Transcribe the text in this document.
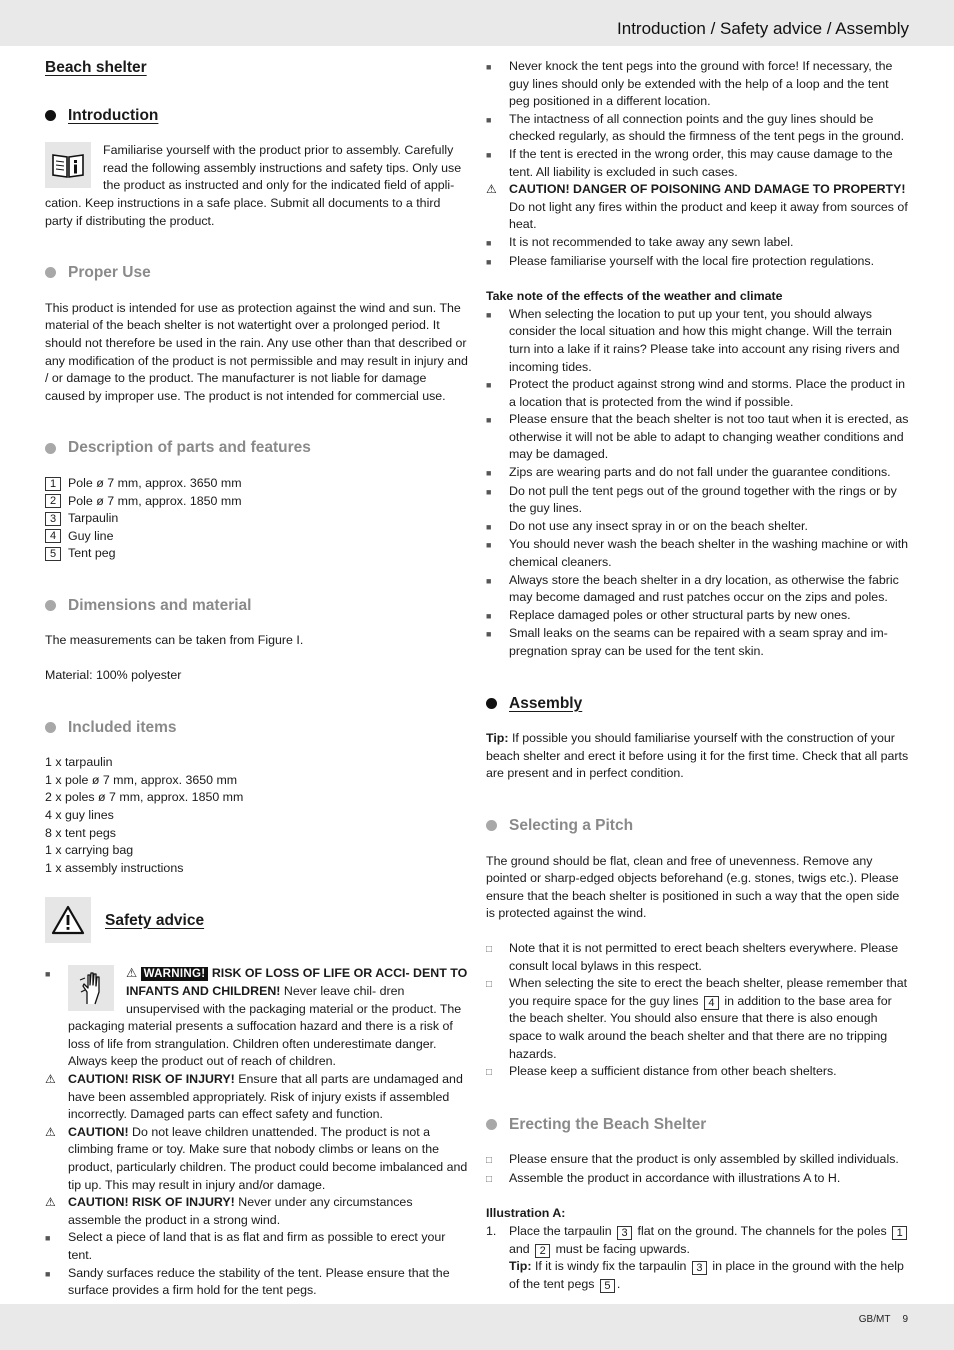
Introduction / Safety advice / Assembly
Beach shelter
Introduction

Familiarise yourself with the product prior to assembly. Carefully read the following assembly instructions and safety tips. Only use the product as instructed and only for the indicated field of appli- cation. Keep instructions in a safe place. Submit all documents to a third party if distributing the product.

Proper Use

This product is intended for use as protection against the wind and sun. The material of the beach shelter is not watertight over a prolonged period. It should not therefore be used in the rain. Any use other than that described or any modification of the product is not permissible and may result in injury and / or damage to the product. The manufacturer is not liable for damage caused by improper use. The product is not intended for commercial use.

Description of parts and features
1 Pole ø 7 mm, approx. 3650 mm
2 Pole ø 7 mm, approx. 1850 mm
3 Tarpaulin
4 Guy line
5 Tent peg
Dimensions and material

The measurements can be taken from Figure I.

Material: 100% polyester

Included items

1 x tarpaulin

1 x pole ø 7 mm, approx. 3650 mm

2 x poles ø 7 mm, approx. 1850 mm

4 x guy lines

8 x tent pegs

1 x carrying bag

1 x assembly instructions

Safety advice
■	⚠ WARNING! RISK OF LOSS OF LIFE OR ACCI- DENT TO INFANTS AND CHILDREN! Never leave chil- dren unsupervised with the packaging material or the product. The packaging material presents a suffocation hazard and there is a risk of loss of life from strangulation. Children often underestimate danger. Always keep the product out of reach of children.
⚠ CAUTION! RISK OF INJURY! Ensure that all parts are undamaged and have been assembled appropriately. Risk of injury exists if assembled incorrectly. Damaged parts can effect safety and function.
⚠ CAUTION! Do not leave children unattended. The product is not a climbing frame or toy. Make sure that nobody climbs or leans on the product, particularly children. The product could become imbalanced and tip up. This may result in injury and/or damage.
⚠ CAUTION! RISK OF INJURY! Never under any circumstances assemble the product in a strong wind.
■	Select a piece of land that is as flat and firm as possible to erect your tent.
■	Sandy surfaces reduce the stability of the tent. Please ensure that the surface provides a firm hold for the tent pegs.
■	Never knock the tent pegs into the ground with force! If necessary, the guy lines should only be extended with the help of a loop and the tent peg positioned in a different location.
■	The intactness of all connection points and the guy lines should be checked regularly, as should the firmness of the tent pegs in the ground.
■	If the tent is erected in the wrong order, this may cause damage to the tent. All liability is excluded in such cases.
⚠ CAUTION! DANGER OF POISONING AND DAMAGE TO PROPERTY! Do not light any fires within the product and keep it away from sources of heat.
■	It is not recommended to take away any sewn label.
■	Please familiarise yourself with the local fire protection regulations.

Take note of the effects of the weather and climate

■	When selecting the location to put up your tent, you should always consider the local situation and how this might change. Will the terrain turn into a lake if it rains? Please take into account any rising rivers and incoming tides.
■	Protect the product against strong wind and storms. Place the product in a location that is protected from the wind if possible.
■	Please ensure that the beach shelter is not too taut when it is erected, as otherwise it will not be able to adapt to changing weather conditions and may be damaged.
■	Zips are wearing parts and do not fall under the guarantee conditions.
■	Do not pull the tent pegs out of the ground together with the rings or by the guy lines.
■	Do not use any insect spray in or on the beach shelter.
■	You should never wash the beach shelter in the washing machine or with chemical cleaners.
■	Always store the beach shelter in a dry location, as otherwise the fabric may become damaged and rust patches occur on the zips and poles.
■	Replace damaged poles or other structural parts by new ones.
■	Small leaks on the seams can be repaired with a seam spray and im- pregnation spray can be used for the tent skin.
Assembly

Tip: If possible you should familiarise yourself with the construction of your beach shelter and erect it before using it for the first time. Check that all parts are present and in perfect condition.

Selecting a Pitch

The ground should be flat, clean and free of unevenness. Remove any pointed or sharp-edged objects beforehand (e.g. stones, twigs etc.). Please ensure that the beach shelter is positioned in such a way that the open side is protected against the wind.

□	Note that it is not permitted to erect beach shelters everywhere. Please consult local bylaws in this respect.
□	When selecting the site to erect the beach shelter, please remember that you require space for the guy lines 4 in addition to the base area for the beach shelter. You should also ensure that there is also enough space to walk around the beach shelter and that there are no tripping hazards.
□	Please keep a sufficient distance from other beach shelters.
Erecting the Beach Shelter
□	Please ensure that the product is only assembled by skilled individuals.
□	Assemble the product in accordance with illustrations A to H.

Illustration A:

1.	Place the tarpaulin 3 flat on the ground. The channels for the poles 1 and 2 must be facing upwards.
Tip: If it is windy fix the tarpaulin 3 in place in the ground with the help of the tent pegs 5 .
GB/MT 9
